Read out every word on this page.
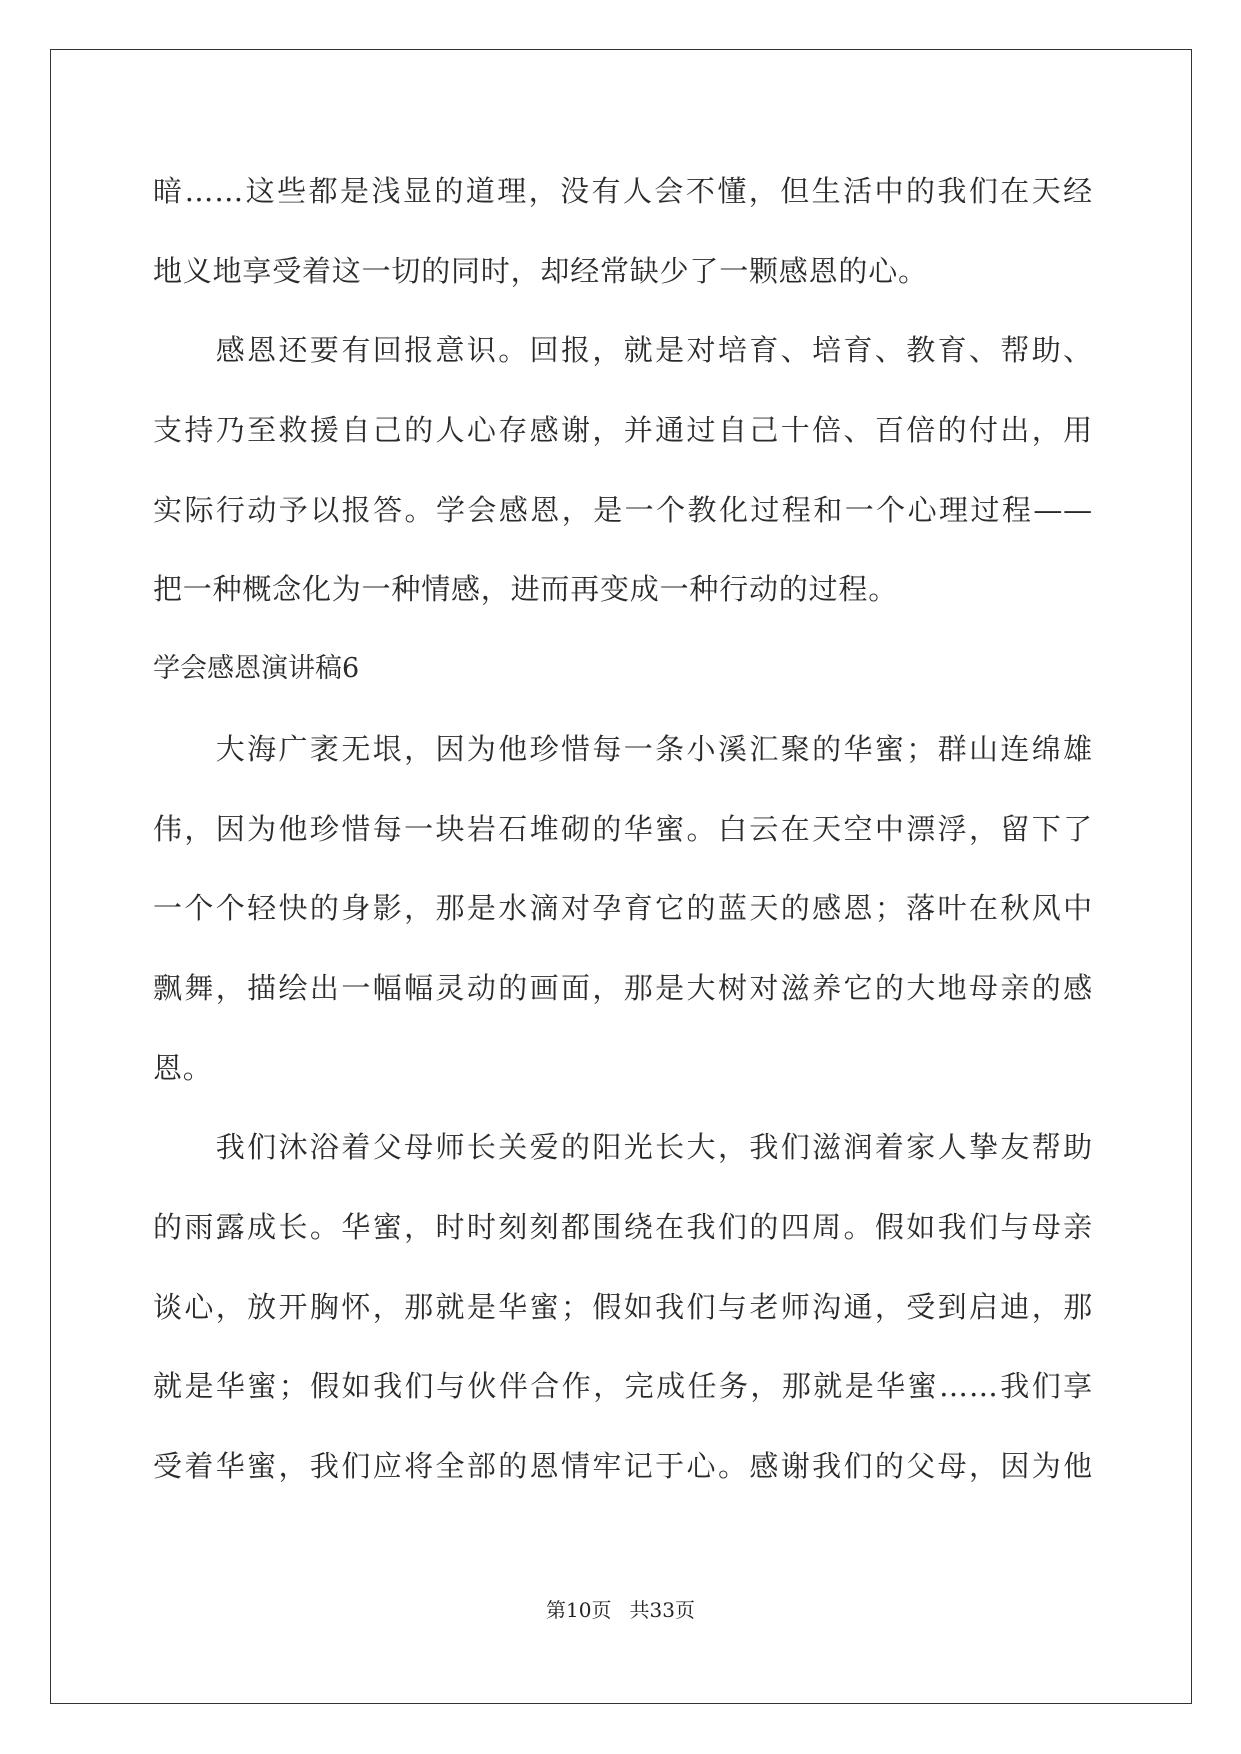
暗……这些都是浅显的道理，没有人会不懂，但生活中的我们在天经
地义地享受着这一切的同时，却经常缺少了一颗感恩的心。
　　感恩还要有回报意识。回报，就是对培育、培育、教育、帮助、
支持乃至救援自己的人心存感谢，并通过自己十倍、百倍的付出，用
实际行动予以报答。学会感恩，是一个教化过程和一个心理过程——
把一种概念化为一种情感，进而再变成一种行动的过程。
学会感恩演讲稿6
　　大海广袤无垠，因为他珍惜每一条小溪汇聚的华蜜；群山连绵雄
伟，因为他珍惜每一块岩石堆砌的华蜜。白云在天空中漂浮，留下了
一个个轻快的身影，那是水滴对孕育它的蓝天的感恩；落叶在秋风中
飘舞，描绘出一幅幅灵动的画面，那是大树对滋养它的大地母亲的感
恩。
　　我们沐浴着父母师长关爱的阳光长大，我们滋润着家人挚友帮助
的雨露成长。华蜜，时时刻刻都围绕在我们的四周。假如我们与母亲
谈心，放开胸怀，那就是华蜜；假如我们与老师沟通，受到启迪，那
就是华蜜；假如我们与伙伴合作，完成任务，那就是华蜜……我们享
受着华蜜，我们应将全部的恩情牢记于心。感谢我们的父母，因为他
第10页 共33页
